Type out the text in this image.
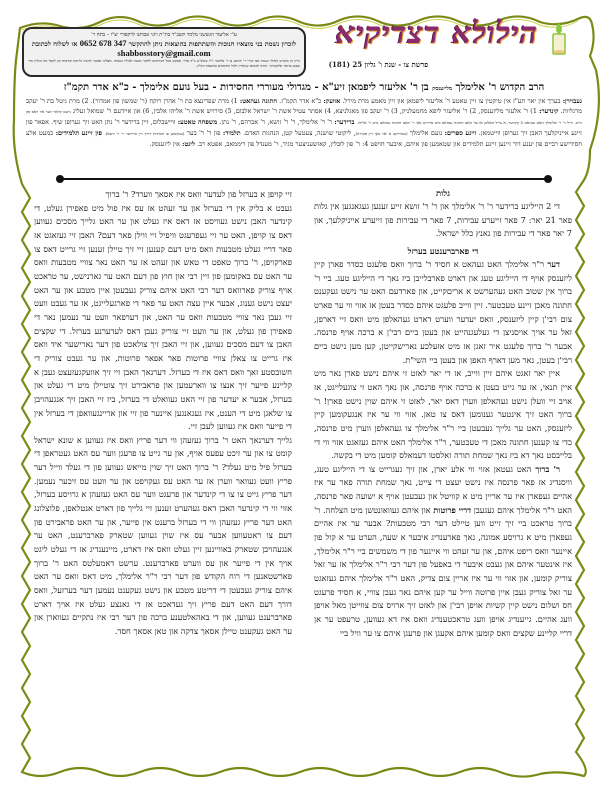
ע"י אליעזר הגששני מלמד תשב"ר בת"ת ויזני אבותנו לרקפורי יצ"ו – בתח ר'
לזכרון נשמת בני מוצאיו חנוכות והשתתפות בהוצאות ניתן להתקשר 347 678 0652 או לשלוח לכתובת shabbosstory@gmail.com
גליון זה מוקדש לעילוי נשמת אבי מורי ר' יהושע בן ר' אליעזר ז"ל שנלב"ע כ"ה אדר. אבקש מכל הקוראים ללמוד משנה לעילוי נשמתו. אצלינו אפשר להשיג גליונות קודמות וכן לקבל את הגליון מדי שבוע בדואר אלקטרוני. תודה למנחם שווארץ ולכל התומכים בהוצאת הגליון.
הילולא דצדיקיא
פרשת צו - שנת ו' גליון 25 (181)
הרב הקדוש ר' אלימלך מליזענסק בן ר' אליעזר ליפמאן זיע"א - מגדולי מעוררי החסידות - בעל נועם אלימלך - כ"א אדר תקמ"ז
געבוירן: בערך אין יאר תע"ז אין טיקטין צו זיין טאטע ר' אליעזר ליפמאן און זיין מאמע מרת מירל. אוועק: כ"א אדר תקמ"ז. חתונה געהאט: 1) מרת שפרינצא בת ר' אהרן רוקח (ר' שמשון פון אמדור). 2) מרת גיטל בת ר' יעקב מרגליות. קינדער: 1) ר' אלעזר מליזענסק, 2) ר' אליעזר ליפא מחמעלניק, 3) ר' יעקב פון מאגלניצא, 4) אסתר עטיל אשת ר' ישראל אלבום, 5) סירויש אשת ר' אליהו אלבין, 6) און איידעם ר' שמואל זעליג נישט קלאר ווער איז דאס פון ווייב, ווייל ר' ר' אלימלך האט געהאט 5 קינדער, א טייל האלטן אז ער האט חתונה געהאט מיט סירויש נאך ר' האט חתונה געהאט מיט ר' אליהו. ברידער: ר' ר' אלימלך, ר' ר' זושא, ר' אברהם, ר' נתן. משפחה טאטע: וויישבלום, זיין ברידער ר' נתן האט זיך גערופן שיף. אפאר פון זיינע אייניקלעך האבן זיך גערופן ווייטמאן. זיינע ספרים: נועם אלימלך (געדרוקט א יאר נאך זיין פטירה), ליקוטי שושנה, צעטעל קטן, הנהגות האדם. תלמיד: פון ר' ר' בער (געקומען צו חסידות דורך זיין ברידער ר' ר' זושא). פון זיינע תלמידים: כמעט אלע חסידישע רביים פון יענע דור זיינען זיינע תלמידים און שטאמען פון איהם, איבער חויפט 4: ר' פון לובלין, קאזשעניצער מגיד, ר' מענדל פון ריממאב, אפטא רב. ליגט: אין ליזענסק.
גלות

די 2 הייליגע ברידער ר' ר' אלימלך און ר' ר' זושא זייע זענען געגאנגען אין גלות פאר 21 יאר: 7 פאר זייערע עבירות, 7 פאר די עבירות פון זייערע אייניקלעך, און 7 יאר פאר די עבירות פון גאנץ כלל ישראל.

די פארברענטע בערזל

דער ר"ר אלימלך האט געהאט א חסיד ר' ברוך וואס פלעגט כסדר פארן קיין ליזענסק אויף די הייליגע טעג און דארט פארבלייבן ביז נאך די הייליגע טעג. ביי ר' ברוך אין שטוב האט געהערשט א אריםקייט, און פארדעם האט ער נישט געקענט חתונה מאכן זיינע טעכטער. זיין ווייב פלעגט איהם כסדר בעטן אז אזוי ווי ער פארט צום רבי'ן קיין ליזענסק, וואס יעדער ווערט דארט געהאלפן מיט וואס זיי דארפן, זאל ער אויך אויסניצן די געלעגנהייט און בעטן ביים רבי'ן א ברכה אויף פרנסה. אבער ר' ברוך פלעגט איר זאגן אז מיט אזעלכע נארישקייטן, קען מען נישט ביים רבי'ן בעטן, נאר מען דארף האפן און בעטן ביי השי"ת.

איין יאר זאגט איהם זיין ווייב, אז די יאר לאזט זי איהם נישט פארן נאר מיט איין תנאי, אז ער גייט בעטן א ברכה אויף פרנסה, און נאך האט זי צוגעלייגט, אז אויב זיי וועלן נישט געהאלפן ווערן דאס יאר, לאזט זי איהם שוין נישט פארן! ר' ברוך האט זיך אינטער גענומען דאס צו טאן. אזוי ווי ער איז אנגעקומען קיין ליזענסק, האט ער גלייך געבעטן ביי ר"ר אלימלך צו געהאלפן ווערן מיט פרנסה, כדי צו קענען חתונה מאכן די טעכטער, ר"ר אלימלך האט איהם געזאגט אזוי ווי די בלייבסט נאך דא ביז נאך שמחת תורה זאלסטו דעמאלס קומען מיט די בקשה.

ר' ברוך האט געטאן אזוי ווי אלע יארן, און זיך געגרייט צו די הייליגע טעג, וויסנדיג אז פאר פרנסה איז נישט יעצט די צייט, נאך שמחת תורה פאר ער איז אהיים געפארן איז ער אריין מיט א קוויטל און געבעטן אויף א ישועה פאר פרנסה, האט ר"ר אלימלך איהם געגעבן דריי פרוטות און איהם געוואונטשן מיט הצלחה. ר' ברוך טראכט ביי זיך זייט ווען טיילט דער רבי מטבעות? אבער ער איז אהיים געפארן מיט א גרויסע אמונה, נאך פארענדיג איבער א שעה, הערט ער א קול פון איינער וואס ריפט איהם, און ער זעהט ווי איינער פון די משמשים ביי ר"ר אלימלך, איז אינטער איהם און געבט איבער די באפעל פון דער רבי ר"ר אלימלך אז ער זאל צוריק קומען, און אזוי ווי ער איז אריין צום צדיק, האט ר"ר אלימלך איהם געזאגט ער זאל צוריק געבן איין פרוטה ווייל ער קען איהם נאר געבן צוויי, א חסיד פרעגט חס ושלום נישט קיין קשיות אויפן רבי'ן און לאזט זיך ארויס צום צווייטן מאל אויפן וועג אהיים. גייענדיג אויפן וועג טראכטענדיג וואס איז דא געווען, טרעפט ער אן דריי קליינע שקצים וואס קומען איהם אקעגן און פרעגן איהם צו ער וויל ביי

זיי קויפן א בערזל פון לעדער וואס איז אסאך ווערד? ר' ברוך

געבט א בליק אין די בערזל און ער זעהט אז עס איז פול מיט פאפירן געלט, די קינדער האבן נישט געוויסט אז דאס איז געלט און ער האט גלייך מסכים געווען דאס צו קויפן, האט ער זיי געפרעגט וויפיל זיי ווילן פאר דעם? האבן זיי געזאגט אז פאר דריי געלט מטבעות וואס מיט דעם קענען זיי זיך טיילן זענען זיי גרייט דאס צו פארקויפן, ר' ברוך טאפט די טאש און זעהט אז ער האט נאר צוויי מטבעות וואס ער האט עס באקומען פון זיין רבי און חוץ פון דעם האט ער גארנישט, ער טראכט אויף צוריק פארוואס דער רבי האט איהם צוריק געבעטן איין מטבע און ער האט יעצט נישט גענוג, אבער איין עצה האט ער פאר די פארגעלייגט, אז ער געבט וועט זיי געבן נאר צוויי מטבעות וואס ער האט, און דערפאר וועט ער נעמען נאר די פאפירן פון געלט, און ער וועט זיי צוריק געבן דאס לעדערנע בערזל. די שקצים האבן צו דעם מסכים געווען, און זיי האבן זיך צולאכט פון דער נארישער איד וואס איז גרייט צו צאלן צוויי פרוטות פאר אפאר פרוטות, און ער געבט צוריק די חשובסטע זאך וואס דאס איז די בערזל. דערנאך האבן זיי זיך אוועקגעזעצט געבן א קליינע פייער זיך אנצו צו ווארעמען און פראבירט זיך צוטיילן מיט די געלט און בערזל, אבער א יעדער פון זיי האט געוואלט די בערזל, ביז זיי האבן זיך אנגעהויבן צו שלאגן מיט די הענט, איז געגאנגען איינער פון זיי און אריינגעוואפן די בערזל אין די פייער וואס איז געווען לעבן זיי.

גלייך דערנאך האט ר' ברוך געזעהן ווי דער פריץ וואס איז געווען א שונא ישראל קומט צו און ער זיכט עפעס אויף, און ער גייט צו פרעגן ווער עס האט געטראפן די בערזל פיל מיט געלד? ר' ברוך האט זיך שוין מייאש געווען פון די געלד ווייל דער פריץ וועט געוואר ווערן אז ער האט עס געקויפט און ער וועט עס זיכער נעמען. דער פריץ גייט צו צו די קינדער און פרעגט ווער עס האט געזעהן א גרויסע בערזל, אזוי ווי די קינדער האבן דאס געהערט זענען זיי גלייך פון דארט אנטלאפן, פלוצלונג האט דער פריץ געזעהן ווי די בערזל ברענט אין פייער, און ער האט פראבירט פון דעם צו ראטעווען אבער עס איז שוין געווען שטארק פארברענט, האט ער אנגעהויבן שטארק באוויינען זיין געלט וואס איז דארט, מיינענדיג אז די געלט ליגט אויך אין די פייער און עס ווערט פארברענט. ערשט דאמעלטס האט ר' ברוך פארשטאנען די רוח הקודש פון דער רבי ר"ר אלימלך, מיט דאס וואס ער האט איהם צוריק געבעטן די דריטע מטבע און נישט געקענט נעמען דער בערזעל, וואס דורך דעם האט דעם פריץ זיך געדאכט אז די גאנצע געלט איז אויך דארט פארברענט געווען, און די באהאלטענע ברכה פון דער רבי איז נתקיים געווארן און ער האט געקענט טיילן אסאך צדקה און טאן אסאך חסד.
